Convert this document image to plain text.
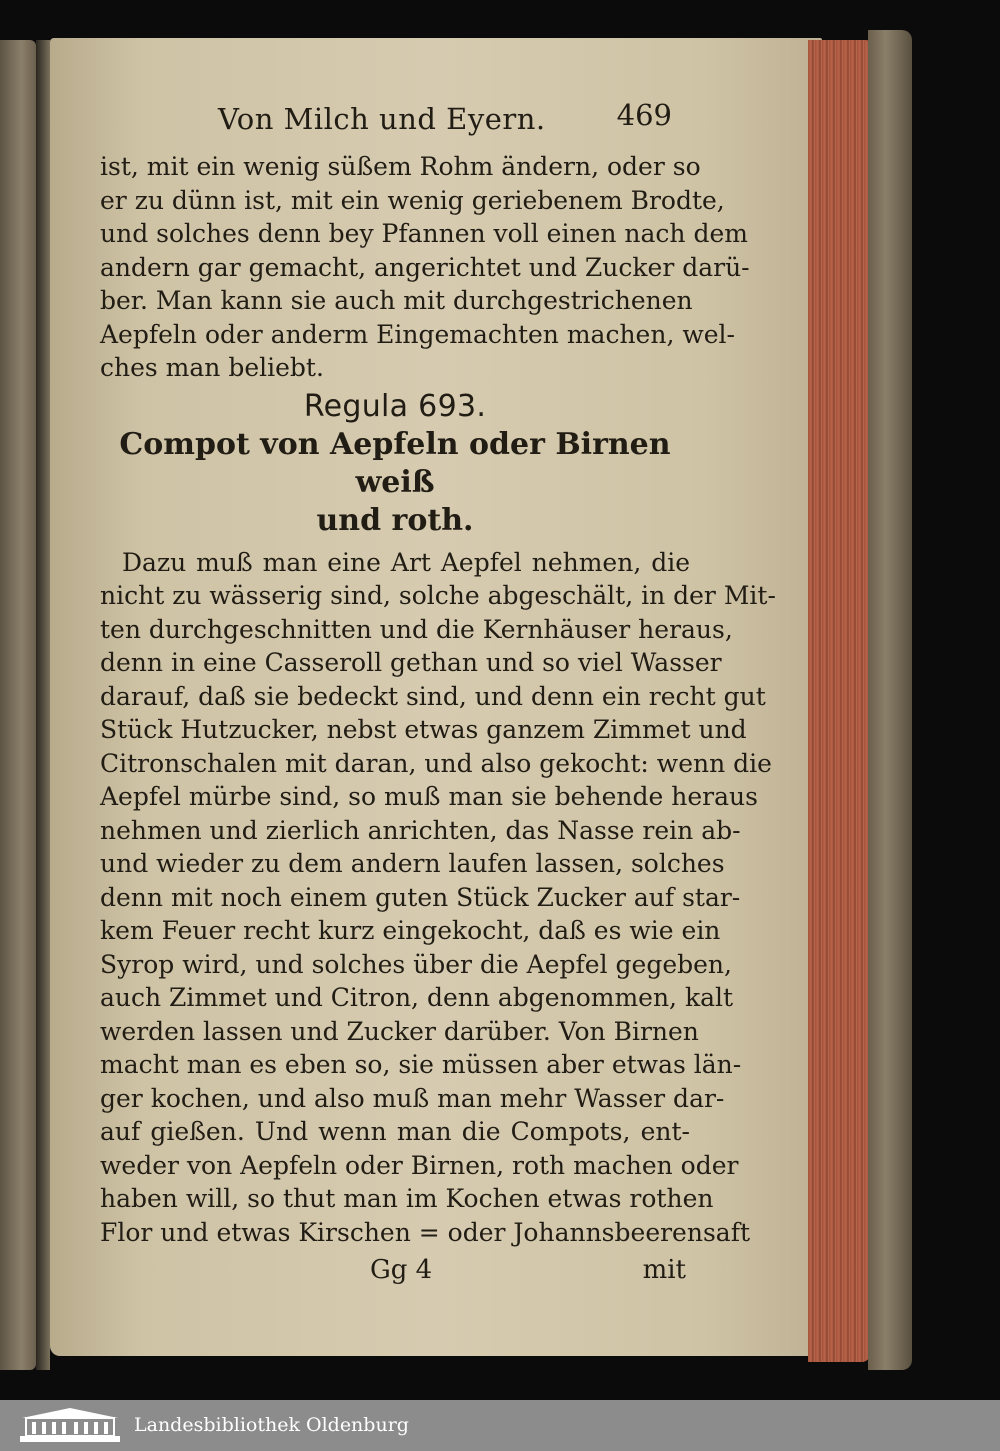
Von Milch und Eyern. 469
ist, mit ein wenig süßem Rohm ändern, oder so
er zu dünn ist, mit ein wenig geriebenem Brodte,
und solches denn bey Pfannen voll einen nach dem
andern gar gemacht, angerichtet und Zucker darü-
ber. Man kann sie auch mit durchgestrichenen
Aepfeln oder anderm Eingemachten machen, wel-
ches man beliebt.
Regula 693.
Compot von Aepfeln oder Birnen weiß
und roth.
Dazu muß man eine Art Aepfel nehmen, die
nicht zu wässerig sind, solche abgeschält, in der Mit-
ten durchgeschnitten und die Kernhäuser heraus,
denn in eine Casseroll gethan und so viel Wasser
darauf, daß sie bedeckt sind, und denn ein recht gut
Stück Hutzucker, nebst etwas ganzem Zimmet und
Citronschalen mit daran, und also gekocht: wenn die
Aepfel mürbe sind, so muß man sie behende heraus
nehmen und zierlich anrichten, das Nasse rein ab-
und wieder zu dem andern laufen lassen, solches
denn mit noch einem guten Stück Zucker auf star-
kem Feuer recht kurz eingekocht, daß es wie ein
Syrop wird, und solches über die Aepfel gegeben,
auch Zimmet und Citron, denn abgenommen, kalt
werden lassen und Zucker darüber. Von Birnen
macht man es eben so, sie müssen aber etwas län-
ger kochen, und also muß man mehr Wasser dar-
auf gießen. Und wenn man die Compots, ent-
weder von Aepfeln oder Birnen, roth machen oder
haben will, so thut man im Kochen etwas rothen
Flor und etwas Kirschen = oder Johannsbeerensaft
Gg 4	mit
Landesbibliothek Oldenburg
